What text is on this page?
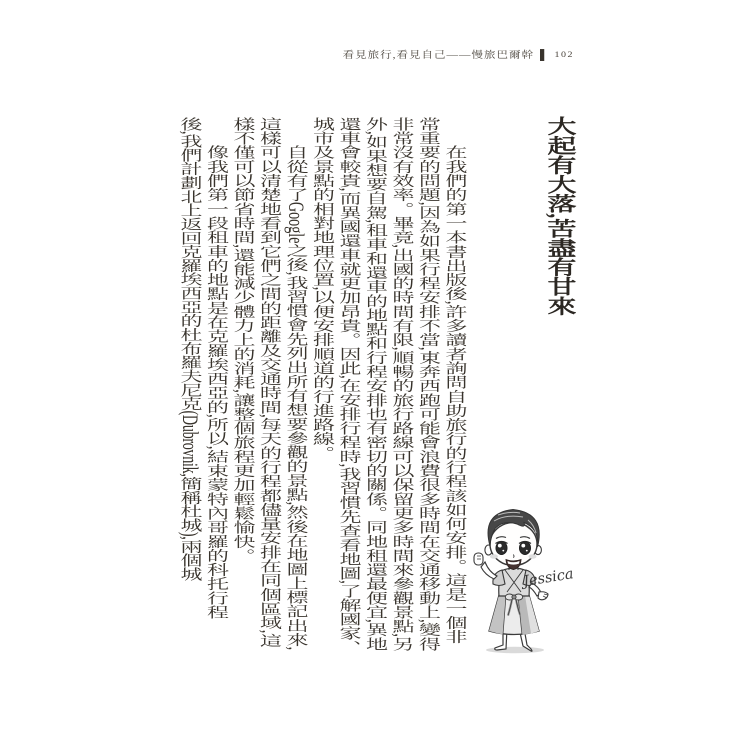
看見旅行,看見自己——慢旅巴爾幹 ▌ 102
大起有大落,苦盡有甘來

在我們的第一本書出版後,許多讀者詢問自助旅行的行程該如何安排。這是一個非常重要的問題,因為如果行程安排不當,東奔西跑可能會浪費很多時間在交通移動上,變得非常沒有效率。畢竟,出國的時間有限,順暢的旅行路線可以保留更多時間來參觀景點,另外,如果想要自駕,租車和還車的地點和行程安排也有密切的關係。同地租還最便宜,異地還車會較貴,而異國還車就更加昂貴。因此,在安排行程時,我習慣先查看地圖,了解國家、城市及景點的相對地理位置,以便安排順道的行進路線。

自從有了Google之後,我習慣會先列出所有想要參觀的景點,然後在地圖上標記出來,這樣可以清楚地看到它們之間的距離及交通時間,每天的行程都儘量安排在同個區域,這樣不僅可以節省時間,還能減少體力上的消耗,讓整個旅程更加輕鬆愉快。

像我們第一段租車的地點是在克羅埃西亞的,所以,結束蒙特內哥羅的科托行程

後,我們計劃北上返回克羅埃西亞的杜布羅夫尼克(Dubrovnik,簡稱杜城),兩個城	Jessica
